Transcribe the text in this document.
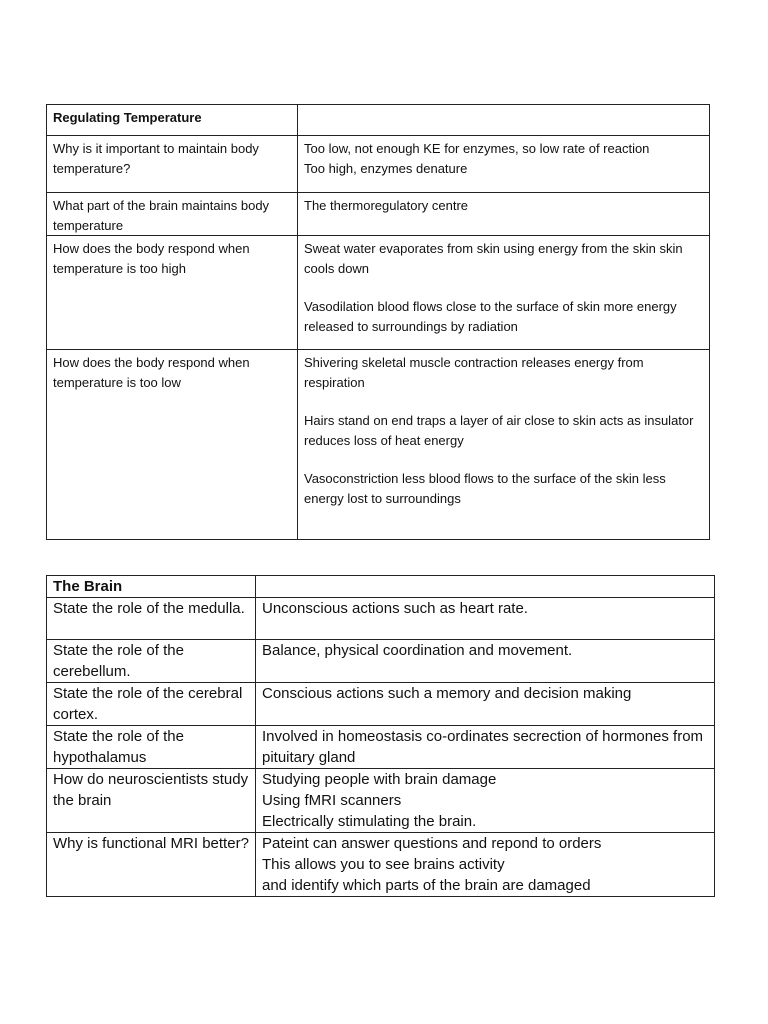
Regulating Temperature	

Why is it important to maintain body temperature?	Too low, not enough KE for enzymes, so low rate of reaction
Too high, enzymes denature

What part of the brain maintains body temperature	The thermoregulatory centre

How does the body respond when temperature is too high	Sweat water evaporates from skin using energy from the skin skin cools down
Vasodilation blood flows close to the surface of skin more energy released to surroundings by radiation

How does the body respond when temperature is too low	Shivering skeletal muscle contraction releases energy from respiration
Hairs stand on end traps a layer of air close to skin acts as insulator reduces loss of heat energy
Vasoconstriction less blood flows to the surface of the skin less energy lost to surroundings
The Brain	

State the role of the medulla.	Unconscious actions such as heart rate.

State the role of the cerebellum.	Balance, physical coordination and movement.

State the role of the cerebral cortex.	Conscious actions such a memory and decision making

State the role of the hypothalamus	Involved in homeostasis co-ordinates secrection of hormones from pituitary gland

How do neuroscientists study the brain	Studying people with brain damage
Using fMRI scanners
Electrically stimulating the brain.

Why is functional MRI better?	Pateint can answer questions and repond to orders
This allows you to see brains activity
and identify which parts of the brain are damaged
